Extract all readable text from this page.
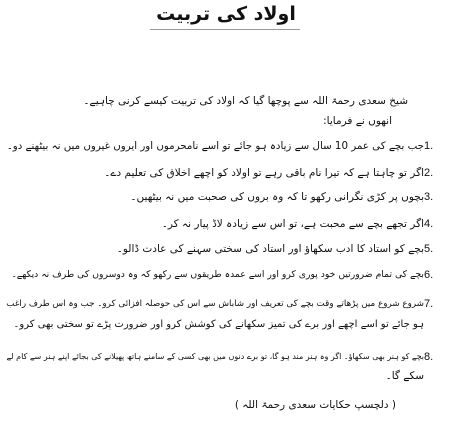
اولاد کی تربیت
شیخ سعدی رحمۃ اللہ سے پوچھا گیا کہ اولاد کی تربیت کیسے کرنی چاہیے۔
انھوں نے فرمایا:
1.
جب بچے کی عمر 10 سال سے زیادہ ہو جائے تو اسے نامحرموں اور ایروں غیروں میں نہ بیٹھنے دو۔
2.
اگر تو چاہتا ہے کہ تیرا نام باقی رہے تو اولاد کو اچھے اخلاق کی تعلیم دے۔
3.
بچوں پر کڑی نگرانی رکھو تا کہ وہ بروں کی صحبت میں نہ بیٹھیں۔
4.
اگر تجھے بچے سے محبت ہے، تو اس سے زیادہ لاڈ پیار نہ کر۔
5.
بچے کو استاد کا ادب سکھاؤ اور استاد کی سختی سہنے کی عادت ڈالو۔
6.
بچے کی تمام ضرورتیں خود پوری کرو اور اسے عمدہ طریقوں سے رکھو کہ وہ دوسروں کی طرف نہ دیکھے۔
7.
شروع شروع میں پڑھاتے وقت بچے کی تعریف اور شاباش سے اس کی حوصلہ افزائی کرو۔ جب وہ اس طرف راغب
ہو جائے تو اسے اچھے اور برے کی تمیز سکھانے کی کوشش کرو اور ضرورت پڑے تو سختی بھی کرو۔
8.
بچے کو ہنر بھی سکھاؤ۔ اگر وہ ہنر مند ہو گا، تو برے دنوں میں بھی کسی کے سامنے ہاتھ پھیلانے کی بجائے اپنے ہنر سے کام لے
سکے گا۔
( دلچسپ حکایات سعدی رحمۃ اللہ )
